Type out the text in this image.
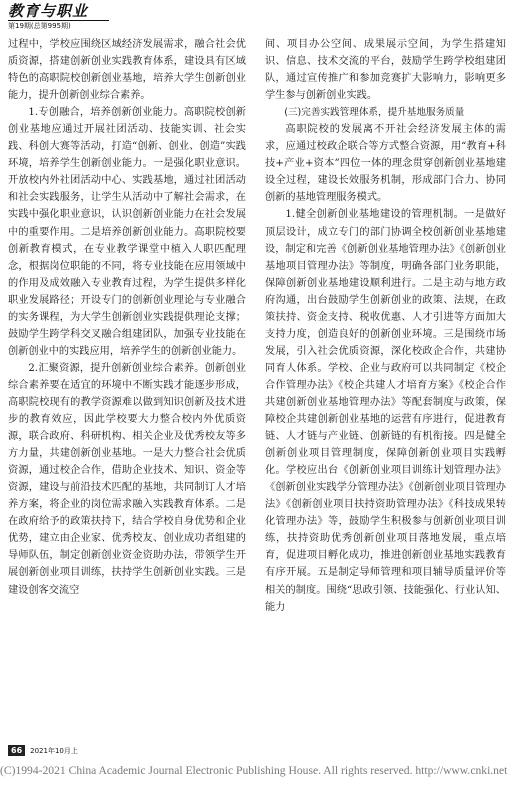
教育与职业
第19期(总第995期)

过程中，学校应围绕区域经济发展需求，融合社会优质资源，搭建创新创业实践教育体系，建设具有区域特色的高职院校创新创业基地，培养大学生创新创业能力，提升创新创业综合素养。

1.专创融合，培养创新创业能力。高职院校创新创业基地应通过开展社团活动、技能实训、社会实践、科创大赛等活动，打造“创新、创业、创造”实践环境，培养学生创新创业能力。一是强化职业意识。开放校内外社团活动中心、实践基地，通过社团活动和社会实践服务，让学生从活动中了解社会需求，在实践中强化职业意识，认识创新创业能力在社会发展中的重要作用。二是培养创新创业能力。高职院校要创新教育模式，在专业教学课堂中植入人职匹配理念，根据岗位职能的不同，将专业技能在应用领域中的作用及成效融入专业教育过程，为学生提供多样化职业发展路径；开设专门的创新创业理论与专业融合的实务课程，为大学生创新创业实践提供理论支撑；鼓励学生跨学科交叉融合组建团队，加强专业技能在创新创业中的实践应用，培养学生的创新创业能力。

2.汇聚资源，提升创新创业综合素养。创新创业综合素养要在适宜的环境中不断实践才能逐步形成，高职院校现有的教学资源难以做到知识创新及技术进步的教育效应，因此学校要大力整合校内外优质资源，联合政府、科研机构、相关企业及优秀校友等多方力量，共建创新创业基地。一是大力整合社会优质资源，通过校企合作，借助企业技术、知识、资金等资源，建设与前沿技术匹配的基地，共同制订人才培养方案，将企业的岗位需求融入实践教育体系。二是在政府给予的政策扶持下，结合学校自身优势和企业优势，建立由企业家、优秀校友、创业成功者组建的导师队伍，制定创新创业资金资助办法，带领学生开展创新创业项目训练，扶持学生创新创业实践。三是建设创客交流空

间、项目办公空间、成果展示空间，为学生搭建知识、信息、技术交流的平台，鼓励学生跨学校组建团队，通过宣传推广和参加竞赛扩大影响力，影响更多学生参与创新创业实践。

(三)完善实践管理体系，提升基地服务质量

高职院校的发展离不开社会经济发展主体的需求，应通过校政企联合等方式整合资源，用“教育+科技+产业+资本”四位一体的理念贯穿创新创业基地建设全过程，建设长效服务机制，形成部门合力、协同创新的基地管理服务模式。

1.健全创新创业基地建设的管理机制。一是做好顶层设计，成立专门的部门协调全校创新创业基地建设，制定和完善《创新创业基地管理办法》《创新创业基地项目管理办法》等制度，明确各部门业务职能，保障创新创业基地建设顺利进行。二是主动与地方政府沟通，出台鼓励学生创新创业的政策、法规，在政策扶持、资金支持、税收优惠、人才引进等方面加大支持力度，创造良好的创新创业环境。三是围绕市场发展，引入社会优质资源，深化校政企合作，共建协同育人体系。学校、企业与政府可以共同制定《校企合作管理办法》《校企共建人才培育方案》《校企合作共建创新创业基地管理办法》等配套制度与政策，保障校企共建创新创业基地的运营有序进行，促进教育链、人才链与产业链、创新链的有机衔接。四是健全创新创业项目管理制度，保障创新创业项目实践孵化。学校应出台《创新创业项目训练计划管理办法》《创新创业实践学分管理办法》《创新创业项目管理办法》《创新创业项目扶持资助管理办法》《科技成果转化管理办法》等，鼓励学生积极参与创新创业项目训练，扶持资助优秀创新创业项目落地发展，重点培育，促进项目孵化成功，推进创新创业基地实践教育有序开展。五是制定导师管理和项目辅导质量评价等相关的制度。围绕“思政引领、技能强化、行业认知、能力

66	2021年10月上
(C)1994-2021 China Academic Journal Electronic Publishing House. All rights reserved. http://www.cnki.net
